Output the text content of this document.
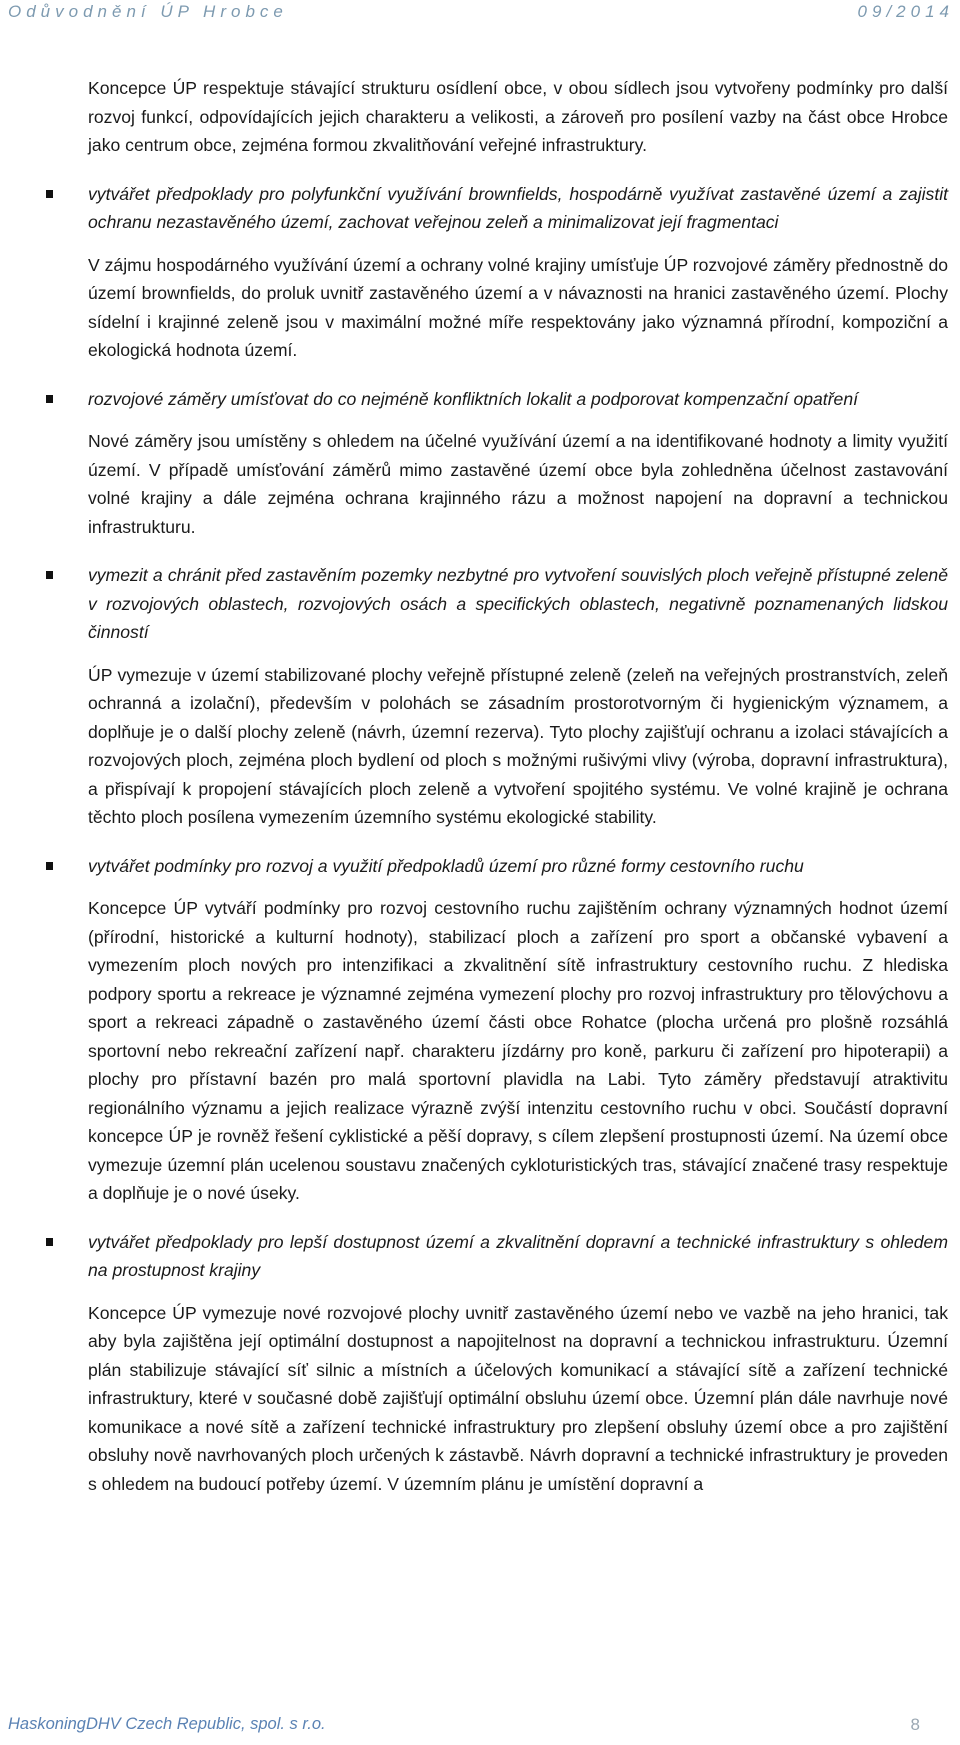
Odůvodnění ÚP Hrobce	09/2014

Koncepce ÚP respektuje stávající strukturu osídlení obce, v obou sídlech jsou vytvořeny podmínky pro další rozvoj funkcí, odpovídajících jejich charakteru a velikosti, a zároveň pro posílení vazby na část obce Hrobce jako centrum obce, zejména formou zkvalitňování veřejné infrastruktury.

vytvářet předpoklady pro polyfunkční využívání brownfields, hospodárně využívat zastavěné území a zajistit ochranu nezastavěného území, zachovat veřejnou zeleň a minimalizovat její fragmentaci

V zájmu hospodárného využívání území a ochrany volné krajiny umísťuje ÚP rozvojové záměry přednostně do území brownfields, do proluk uvnitř zastavěného území a v návaznosti na hranici zastavěného území. Plochy sídelní i krajinné zeleně jsou v maximální možné míře respektovány jako významná přírodní, kompoziční a ekologická hodnota území.

rozvojové záměry umísťovat do co nejméně konfliktních lokalit a podporovat kompenzační opatření

Nové záměry jsou umístěny s ohledem na účelné využívání území a na identifikované hodnoty a limity využití území. V případě umísťování záměrů mimo zastavěné území obce byla zohledněna účelnost zastavování volné krajiny a dále zejména ochrana krajinného rázu a možnost napojení na dopravní a technickou infrastrukturu.

vymezit a chránit před zastavěním pozemky nezbytné pro vytvoření souvislých ploch veřejně přístupné zeleně v rozvojových oblastech, rozvojových osách a specifických oblastech, negativně poznamenaných lidskou činností

ÚP vymezuje v území stabilizované plochy veřejně přístupné zeleně (zeleň na veřejných prostranstvích, zeleň ochranná a izolační), především v polohách se zásadním prostorotvorným či hygienickým významem, a doplňuje je o další plochy zeleně (návrh, územní rezerva). Tyto plochy zajišťují ochranu a izolaci stávajících a rozvojových ploch, zejména ploch bydlení od ploch s možnými rušivými vlivy (výroba, dopravní infrastruktura), a přispívají k propojení stávajících ploch zeleně a vytvoření spojitého systému. Ve volné krajině je ochrana těchto ploch posílena vymezením územního systému ekologické stability.

vytvářet podmínky pro rozvoj a využití předpokladů území pro různé formy cestovního ruchu

Koncepce ÚP vytváří podmínky pro rozvoj cestovního ruchu zajištěním ochrany významných hodnot území (přírodní, historické a kulturní hodnoty), stabilizací ploch a zařízení pro sport a občanské vybavení a vymezením ploch nových pro intenzifikaci a zkvalitnění sítě infrastruktury cestovního ruchu. Z hlediska podpory sportu a rekreace je významné zejména vymezení plochy pro rozvoj infrastruktury pro tělovýchovu a sport a rekreaci západně o zastavěného území části obce Rohatce (plocha určená pro plošně rozsáhlá sportovní nebo rekreační zařízení např. charakteru jízdárny pro koně, parkuru či zařízení pro hipoterapii) a plochy pro přístavní bazén pro malá sportovní plavidla na Labi. Tyto záměry představují atraktivitu regionálního významu a jejich realizace výrazně zvýší intenzitu cestovního ruchu v obci. Součástí dopravní koncepce ÚP je rovněž řešení cyklistické a pěší dopravy, s cílem zlepšení prostupnosti území. Na území obce vymezuje územní plán ucelenou soustavu značených cykloturistických tras, stávající značené trasy respektuje a doplňuje je o nové úseky.

vytvářet předpoklady pro lepší dostupnost území a zkvalitnění dopravní a technické infrastruktury s ohledem na prostupnost krajiny

Koncepce ÚP vymezuje nové rozvojové plochy uvnitř zastavěného území nebo ve vazbě na jeho hranici, tak aby byla zajištěna její optimální dostupnost a napojitelnost na dopravní a technickou infrastrukturu. Územní plán stabilizuje stávající síť silnic a místních a účelových komunikací a stávající sítě a zařízení technické infrastruktury, které v současné době zajišťují optimální obsluhu území obce. Územní plán dále navrhuje nové komunikace a nové sítě a zařízení technické infrastruktury pro zlepšení obsluhy území obce a pro zajištění obsluhy nově navrhovaných ploch určených k zástavbě. Návrh dopravní a technické infrastruktury je proveden s ohledem na budoucí potřeby území. V územním plánu je umístění dopravní a

HaskoningDHV Czech Republic, spol. s r.o.	8
